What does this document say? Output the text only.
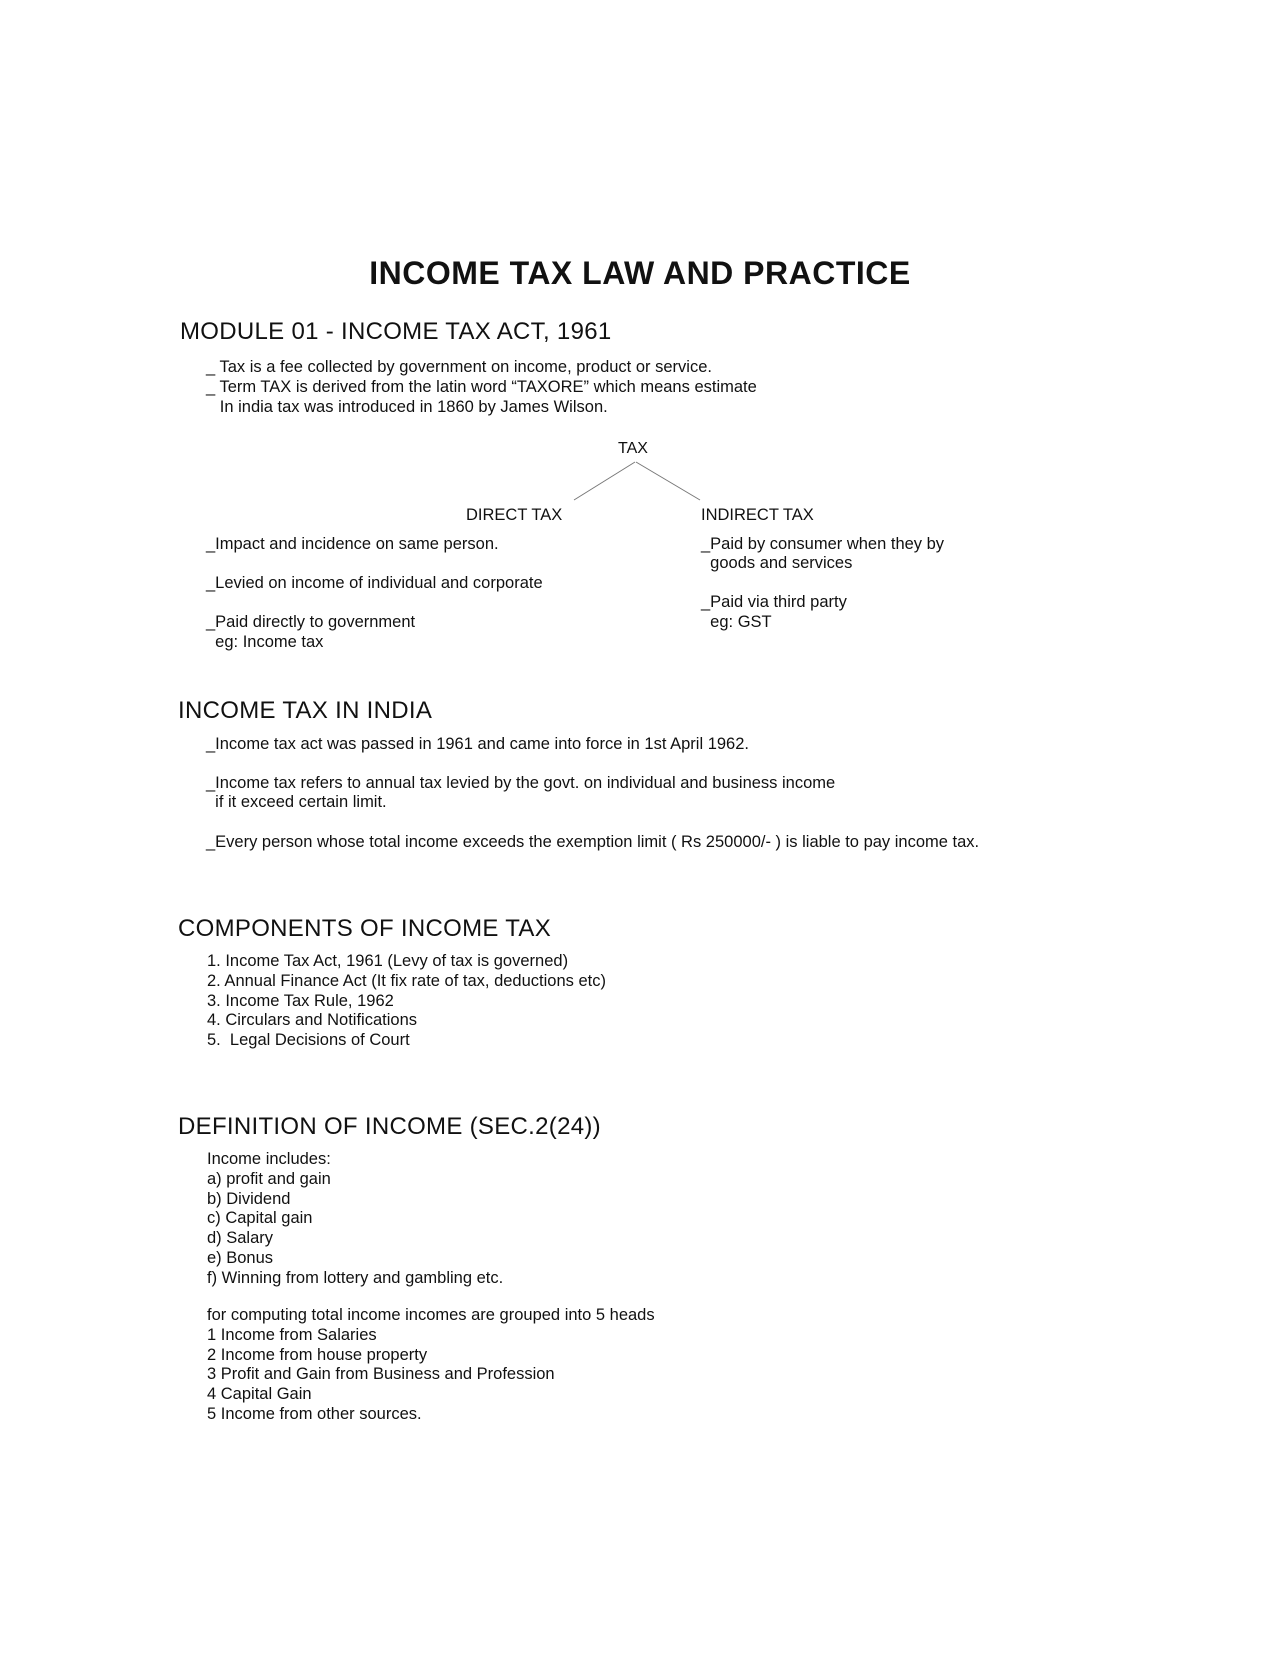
INCOME TAX LAW AND PRACTICE
MODULE 01 - INCOME TAX ACT, 1961
_ Tax is a fee collected by government on income, product or service.
_ Term TAX is derived from the latin word “TAXORE” which means estimate
In india tax was introduced in 1860 by James Wilson.
TAX
DIRECT TAX	INDIRECT TAX
_Impact and incidence on same person.
_Levied on income of individual and corporate
_Paid directly to government
eg: Income tax
_Paid by consumer when they by
goods and services
_Paid via third party
eg: GST
INCOME TAX IN INDIA
_Income tax act was passed in 1961 and came into force in 1st April 1962.
_Income tax refers to annual tax levied by the govt. on individual and business income
if it exceed certain limit.
_Every person whose total income exceeds the exemption limit ( Rs 250000/- ) is liable to pay income tax.
COMPONENTS OF INCOME TAX
1. Income Tax Act, 1961 (Levy of tax is governed)
2. Annual Finance Act (It fix rate of tax, deductions etc)
3. Income Tax Rule, 1962
4. Circulars and Notifications
5.  Legal Decisions of Court
DEFINITION OF INCOME (SEC.2(24))
Income includes:
a) profit and gain
b) Dividend
c) Capital gain
d) Salary
e) Bonus
f) Winning from lottery and gambling etc.
for computing total income incomes are grouped into 5 heads
1 Income from Salaries
2 Income from house property
3 Profit and Gain from Business and Profession
4 Capital Gain
5 Income from other sources.
